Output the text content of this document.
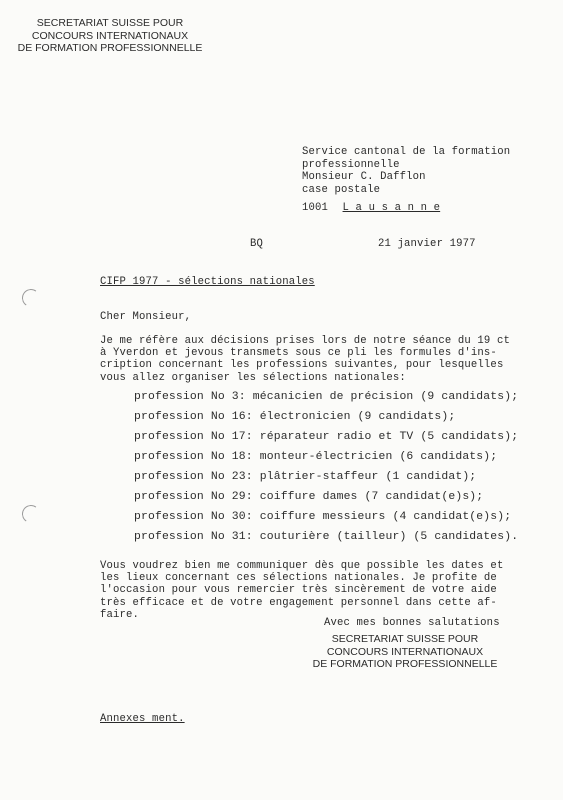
SECRETARIAT SUISSE POUR
CONCOURS INTERNATIONAUX
DE FORMATION PROFESSIONNELLE
Service cantonal de la formation
professionnelle
Monsieur C. Dafflon
case postale
1001 L a u s a n n e
BQ	21 janvier 1977
CIFP 1977 - sélections nationales
Cher Monsieur,
Je me réfère aux décisions prises lors de notre séance du 19 ct
à Yverdon et jevous transmets sous ce pli les formules d'ins-
cription concernant les professions suivantes, pour lesquelles
vous allez organiser les sélections nationales:
profession No 3: mécanicien de précision (9 candidats);
profession No 16: électronicien (9 candidats);
profession No 17: réparateur radio et TV (5 candidats);
profession No 18: monteur-électricien (6 candidats);
profession No 23: plâtrier-staffeur (1 candidat);
profession No 29: coiffure dames (7 candidat(e)s);
profession No 30: coiffure messieurs (4 candidat(e)s);
profession No 31: couturière (tailleur) (5 candidates).
Vous voudrez bien me communiquer dès que possible les dates et
les lieux concernant ces sélections nationales. Je profite de
l'occasion pour vous remercier très sincèrement de votre aide
très efficace et de votre engagement personnel dans cette af-
faire.
Avec mes bonnes salutations
SECRETARIAT SUISSE POUR
CONCOURS INTERNATIONAUX
DE FORMATION PROFESSIONNELLE
Annexes ment.
